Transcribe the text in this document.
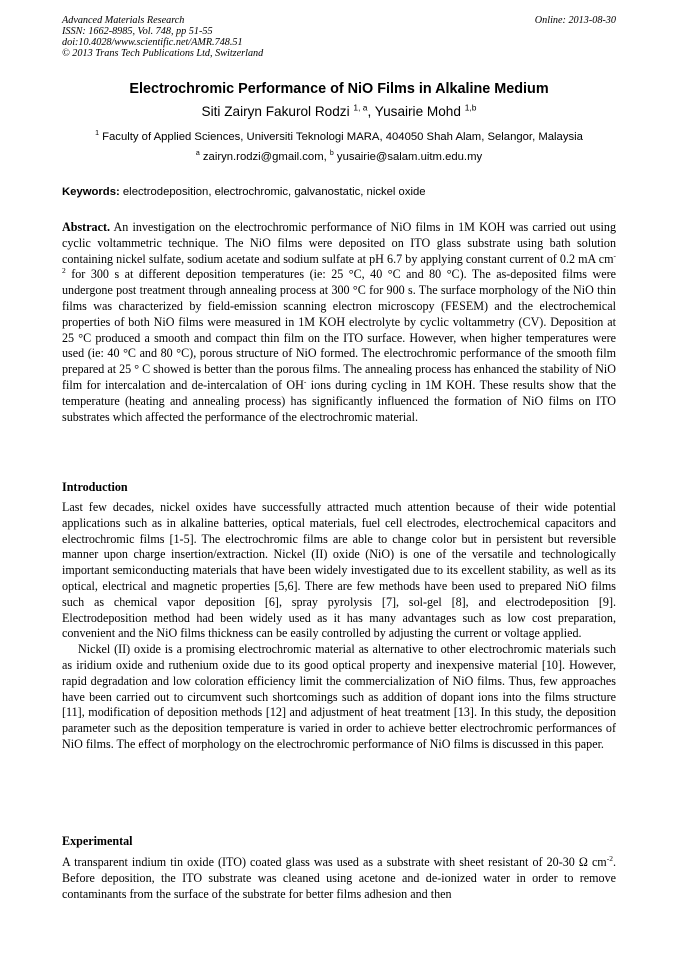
Advanced Materials Research
ISSN: 1662-8985, Vol. 748, pp 51-55
doi:10.4028/www.scientific.net/AMR.748.51
© 2013 Trans Tech Publications Ltd, Switzerland
Online: 2013-08-30
Electrochromic Performance of NiO Films in Alkaline Medium
Siti Zairyn Fakurol Rodzi $^{1, a}$, Yusairie Mohd $^{1,b}$
$^1$ Faculty of Applied Sciences, Universiti Teknologi MARA, 404050 Shah Alam, Selangor, Malaysia
$^a$ zairyn.rodzi@gmail.com, $^b$ yusairie@salam.uitm.edu.my
Keywords: electrodeposition, electrochromic, galvanostatic, nickel oxide

Abstract. An investigation on the electrochromic performance of NiO films in 1M KOH was carried out using cyclic voltammetric technique. The NiO films were deposited on ITO glass substrate using bath solution containing nickel sulfate, sodium acetate and sodium sulfate at pH 6.7 by applying constant current of 0.2 mA $cm^{-2}$ for 300 s at different deposition temperatures (ie: 25 °C, 40 °C and 80 °C). The as-deposited films were undergone post treatment through annealing process at 300 °C for 900 s. The surface morphology of the NiO thin films was characterized by field-emission scanning electron microscopy (FESEM) and the electrochemical properties of both NiO films were measured in 1M KOH electrolyte by cyclic voltammetry (CV). Deposition at 25 °C produced a smooth and compact thin film on the ITO surface. However, when higher temperatures were used (ie: 40 °C and 80 °C), porous structure of NiO formed. The electrochromic performance of the smooth film prepared at 25 ° C showed is better than the porous films. The annealing process has enhanced the stability of NiO film for intercalation and de-intercalation of OH- ions during cycling in 1M KOH. These results show that the temperature (heating and annealing process) has significantly influenced the formation of NiO films on ITO substrates which affected the performance of the electrochromic material.

Introduction

Last few decades, nickel oxides have successfully attracted much attention because of their wide potential applications such as in alkaline batteries, optical materials, fuel cell electrodes, electrochemical capacitors and electrochromic films [1-5]. The electrochromic films are able to change color but in persistent but reversible manner upon charge insertion/extraction. Nickel (II) oxide (NiO) is one of the versatile and technologically important semiconducting materials that have been widely investigated due to its excellent stability, as well as its optical, electrical and magnetic properties [5,6]. There are few methods have been used to prepared NiO films such as chemical vapor deposition [6], spray pyrolysis [7], sol-gel [8], and electrodeposition [9]. Electrodeposition method had been widely used as it has many advantages such as low cost preparation, convenient and the NiO films thickness can be easily controlled by adjusting the current or voltage applied.

Nickel (II) oxide is a promising electrochromic material as alternative to other electrochromic materials such as iridium oxide and ruthenium oxide due to its good optical property and inexpensive material [10]. However, rapid degradation and low coloration efficiency limit the commercialization of NiO films. Thus, few approaches have been carried out to circumvent such shortcomings such as addition of dopant ions into the films structure [11], modification of deposition methods [12] and adjustment of heat treatment [13]. In this study, the deposition parameter such as the deposition temperature is varied in order to achieve better electrochromic performances of NiO films. The effect of morphology on the electrochromic performance of NiO films is discussed in this paper.

Experimental

A transparent indium tin oxide (ITO) coated glass was used as a substrate with sheet resistant of 20-30 Ω $cm^{-2}$. Before deposition, the ITO substrate was cleaned using acetone and de-ionized water in order to remove contaminants from the surface of the substrate for better films adhesion and then
